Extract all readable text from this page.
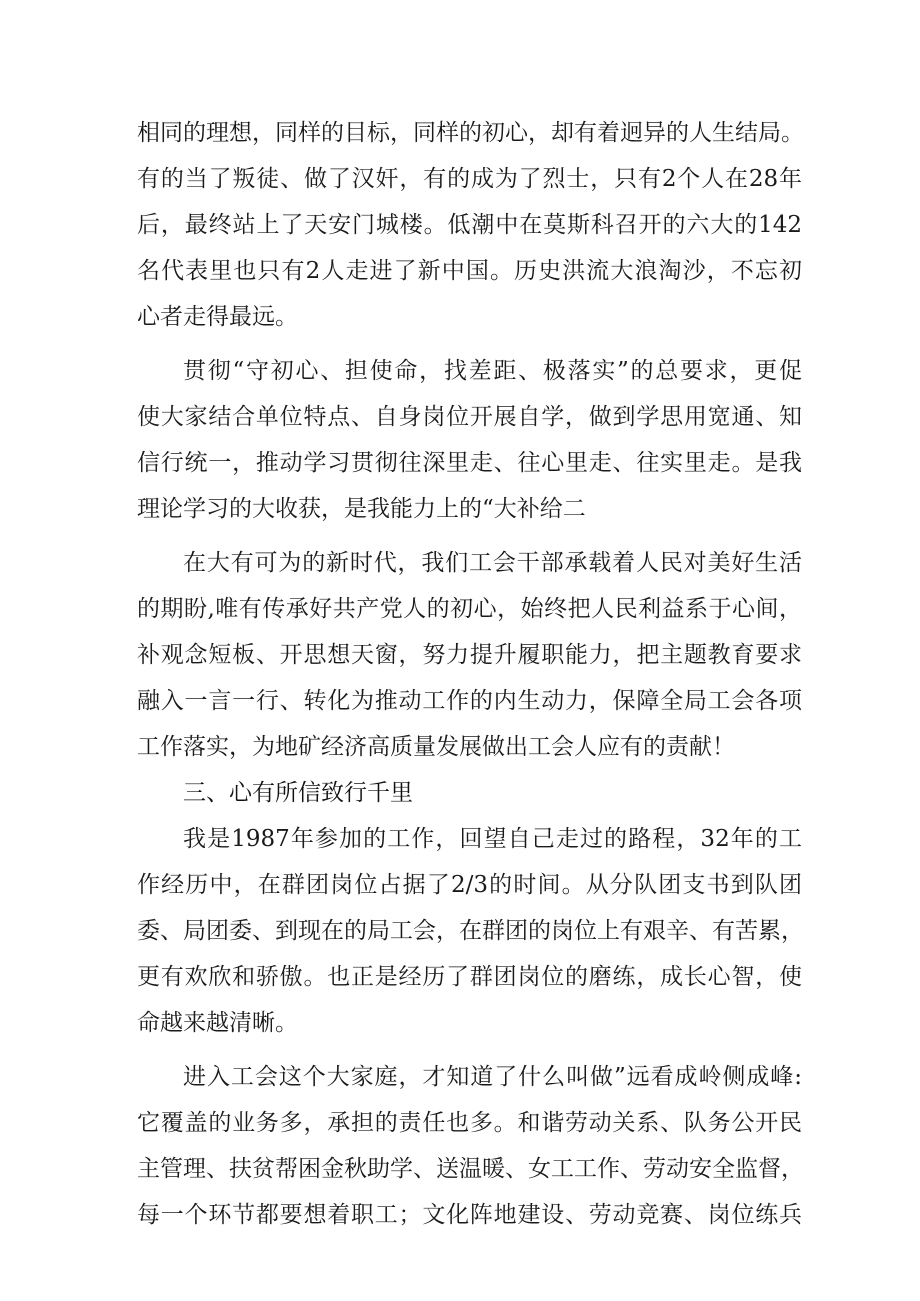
相同的理想，同样的目标，同样的初心，却有着迥异的人生结局。
有的当了叛徒、做了汉奸，有的成为了烈士，只有2个人在28年
后，最终站上了天安门城楼。低潮中在莫斯科召开的六大的142
名代表里也只有2人走进了新中国。历史洪流大浪淘沙，不忘初
心者走得最远。
贯彻“守初心、担使命，找差距、极落实”的总要求，更促
使大家结合单位特点、自身岗位开展自学，做到学思用宽通、知
信行统一，推动学习贯彻往深里走、往心里走、往实里走。是我
理论学习的大收获，是我能力上的“大补给二
在大有可为的新时代，我们工会干部承载着人民对美好生活
的期盼,唯有传承好共产党人的初心，始终把人民利益系于心间，
补观念短板、开思想天窗，努力提升履职能力，把主题教育要求
融入一言一行、转化为推动工作的内生动力，保障全局工会各项
工作落实，为地矿经济高质量发展做出工会人应有的责献！
三、心有所信致行千里
我是1987年参加的工作，回望自己走过的路程，32年的工
作经历中，在群团岗位占据了2/3的时间。从分队团支书到队团
委、局团委、到现在的局工会，在群团的岗位上有艰辛、有苦累，
更有欢欣和骄傲。也正是经历了群团岗位的磨练，成长心智，使
命越来越清晰。
进入工会这个大家庭，才知道了什么叫做”远看成岭侧成峰:
它覆盖的业务多，承担的责任也多。和谐劳动关系、队务公开民
主管理、扶贫帮困金秋助学、送温暖、女工工作、劳动安全监督，
每一个环节都要想着职工；文化阵地建设、劳动竞赛、岗位练兵
